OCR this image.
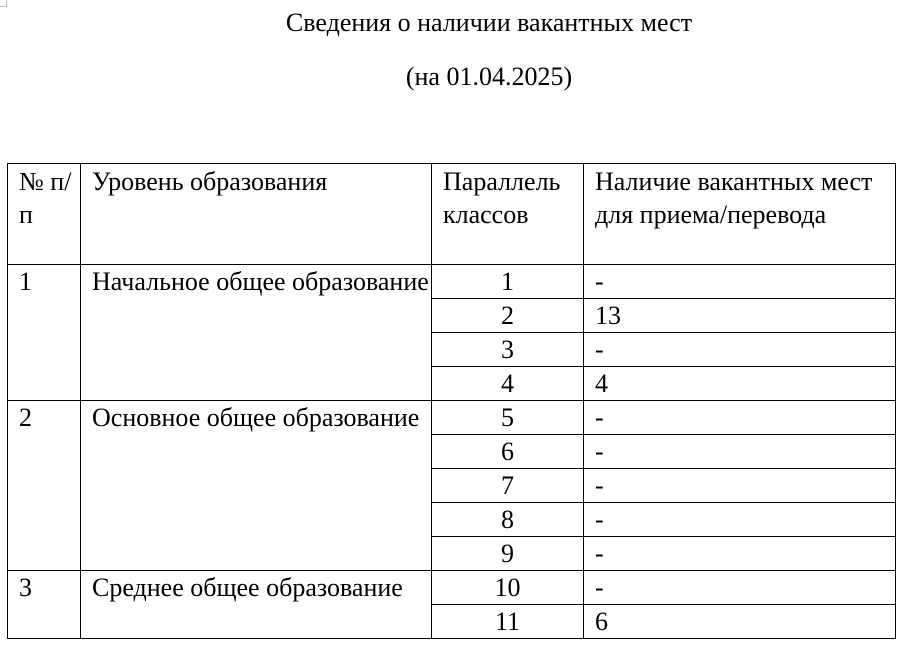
Сведения о наличии вакантных мест
(на 01.04.2025)
№ п/п	Уровень образования	Параллель классов	Наличие вакантных мест для приема/перевода
1	Начальное общее образование	1	-
		2	13
		3	-
		4	4
2	Основное общее образование	5	-
		6	-
		7	-
		8	-
		9	-
3	Среднее общее образование	10	-
		11	6
